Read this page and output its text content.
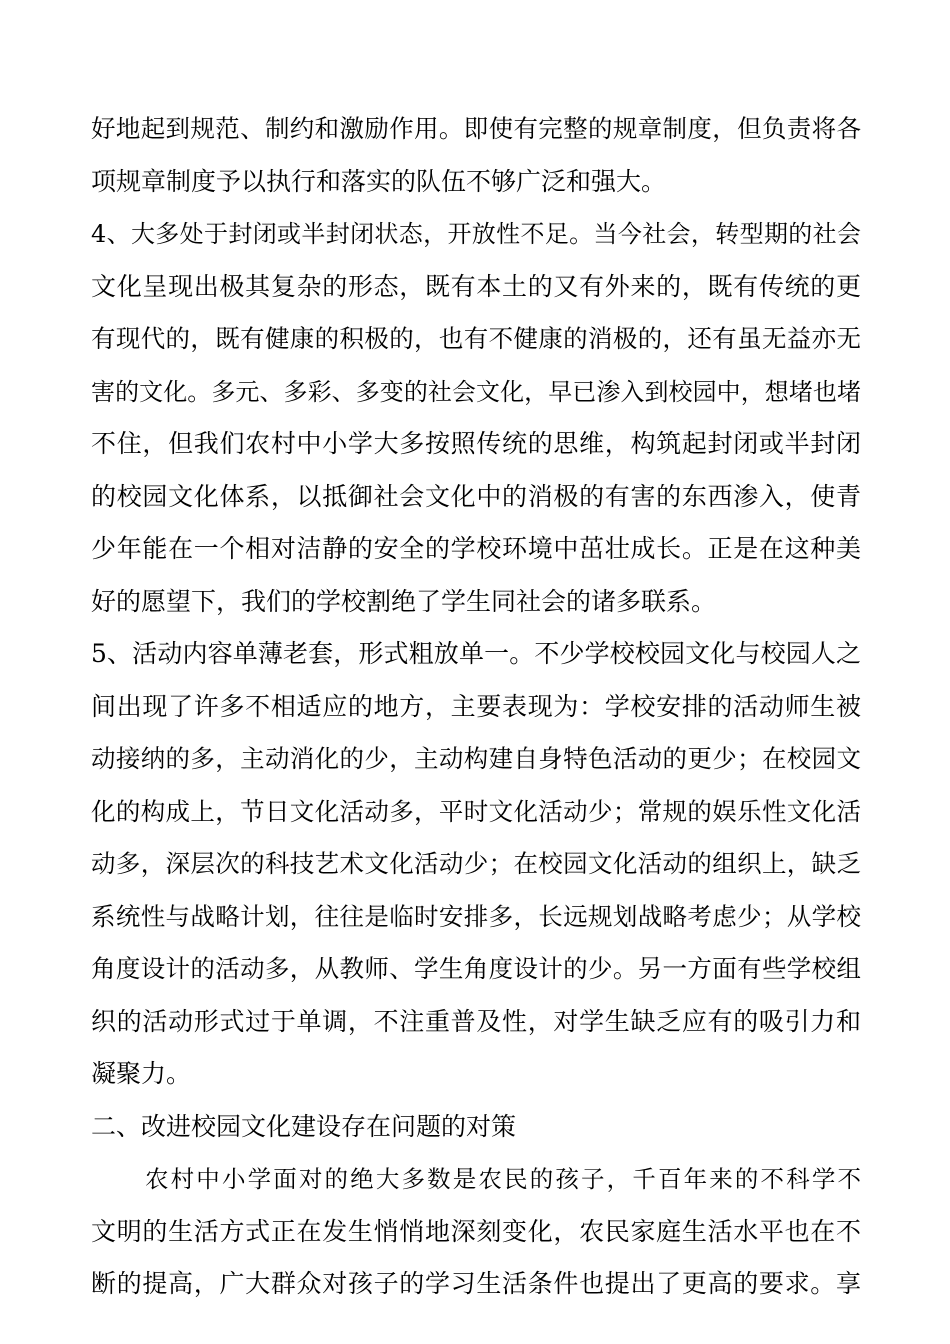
好地起到规范、制约和激励作用。即使有完整的规章制度，但负责将各
项规章制度予以执行和落实的队伍不够广泛和强大。
4、大多处于封闭或半封闭状态，开放性不足。当今社会，转型期的社会
文化呈现出极其复杂的形态，既有本土的又有外来的，既有传统的更
有现代的，既有健康的积极的，也有不健康的消极的，还有虽无益亦无
害的文化。多元、多彩、多变的社会文化，早已渗入到校园中，想堵也堵
不住，但我们农村中小学大多按照传统的思维，构筑起封闭或半封闭
的校园文化体系，以抵御社会文化中的消极的有害的东西渗入，使青
少年能在一个相对洁静的安全的学校环境中茁壮成长。正是在这种美
好的愿望下，我们的学校割绝了学生同社会的诸多联系。
5、活动内容单薄老套，形式粗放单一。不少学校校园文化与校园人之
间出现了许多不相适应的地方，主要表现为：学校安排的活动师生被
动接纳的多，主动消化的少，主动构建自身特色活动的更少；在校园文
化的构成上，节日文化活动多，平时文化活动少；常规的娱乐性文化活
动多，深层次的科技艺术文化活动少；在校园文化活动的组织上，缺乏
系统性与战略计划，往往是临时安排多，长远规划战略考虑少；从学校
角度设计的活动多，从教师、学生角度设计的少。另一方面有些学校组
织的活动形式过于单调，不注重普及性，对学生缺乏应有的吸引力和
凝聚力。
二、改进校园文化建设存在问题的对策
农村中小学面对的绝大多数是农民的孩子，千百年来的不科学不
文明的生活方式正在发生悄悄地深刻变化，农民家庭生活水平也在不
断的提高，广大群众对孩子的学习生活条件也提出了更高的要求。享
